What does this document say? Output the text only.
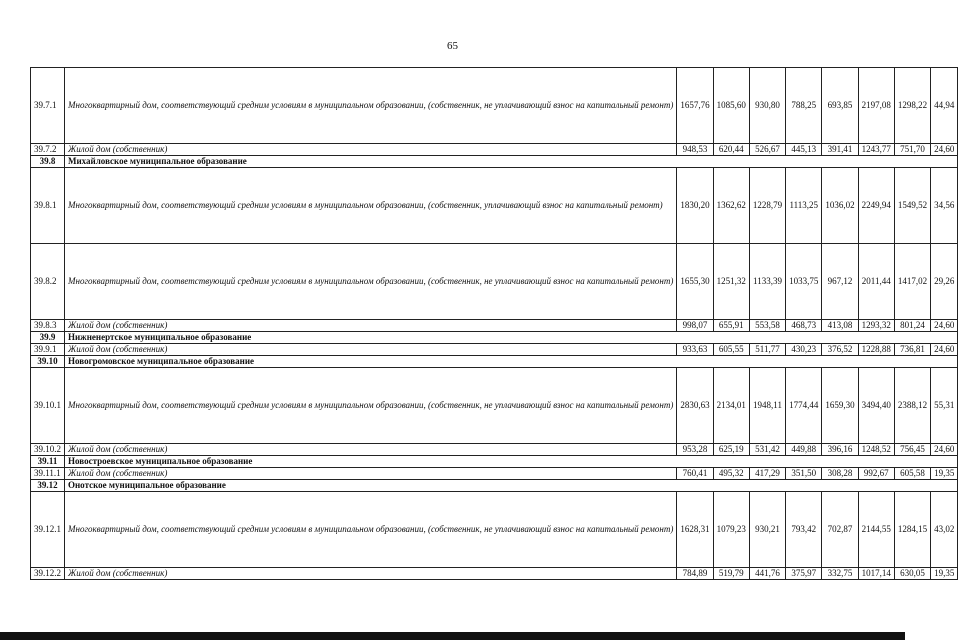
65
39.7.1	Многоквартирный дом, соответствующий средним условиям в муниципальном образовании, (собственник, не уплачивающий взнос на капитальный ремонт)	1657,76	1085,60	930,80	788,25	693,85	2197,08	1298,22	44,94
39.7.2	Жилой дом (собственник)	948,53	620,44	526,67	445,13	391,41	1243,77	751,70	24,60
39.8	Михайловское муниципальное образование								
39.8.1	Многоквартирный дом, соответствующий средним условиям в муниципальном образовании, (собственник, уплачивающий взнос на капитальный ремонт)	1830,20	1362,62	1228,79	1113,25	1036,02	2249,94	1549,52	34,56
39.8.2	Многоквартирный дом, соответствующий средним условиям в муниципальном образовании, (собственник, не уплачивающий взнос на капитальный ремонт)	1655,30	1251,32	1133,39	1033,75	967,12	2011,44	1417,02	29,26
39.8.3	Жилой дом (собственник)	998,07	655,91	553,58	468,73	413,08	1293,32	801,24	24,60
39.9	Нижненертское муниципальное образование								
39.9.1	Жилой дом (собственник)	933,63	605,55	511,77	430,23	376,52	1228,88	736,81	24,60
39.10	Новогромовское муниципальное образование								
39.10.1	Многоквартирный дом, соответствующий средним условиям в муниципальном образовании, (собственник, не уплачивающий взнос на капитальный ремонт)	2830,63	2134,01	1948,11	1774,44	1659,30	3494,40	2388,12	55,31
39.10.2	Жилой дом (собственник)	953,28	625,19	531,42	449,88	396,16	1248,52	756,45	24,60
39.11	Новостроевское муниципальное образование								
39.11.1	Жилой дом (собственник)	760,41	495,32	417,29	351,50	308,28	992,67	605,58	19,35
39.12	Онотское муниципальное образование								
39.12.1	Многоквартирный дом, соответствующий средним условиям в муниципальном образовании, (собственник, не уплачивающий взнос на капитальный ремонт)	1628,31	1079,23	930,21	793,42	702,87	2144,55	1284,15	43,02
39.12.2	Жилой дом (собственник)	784,89	519,79	441,76	375,97	332,75	1017,14	630,05	19,35
